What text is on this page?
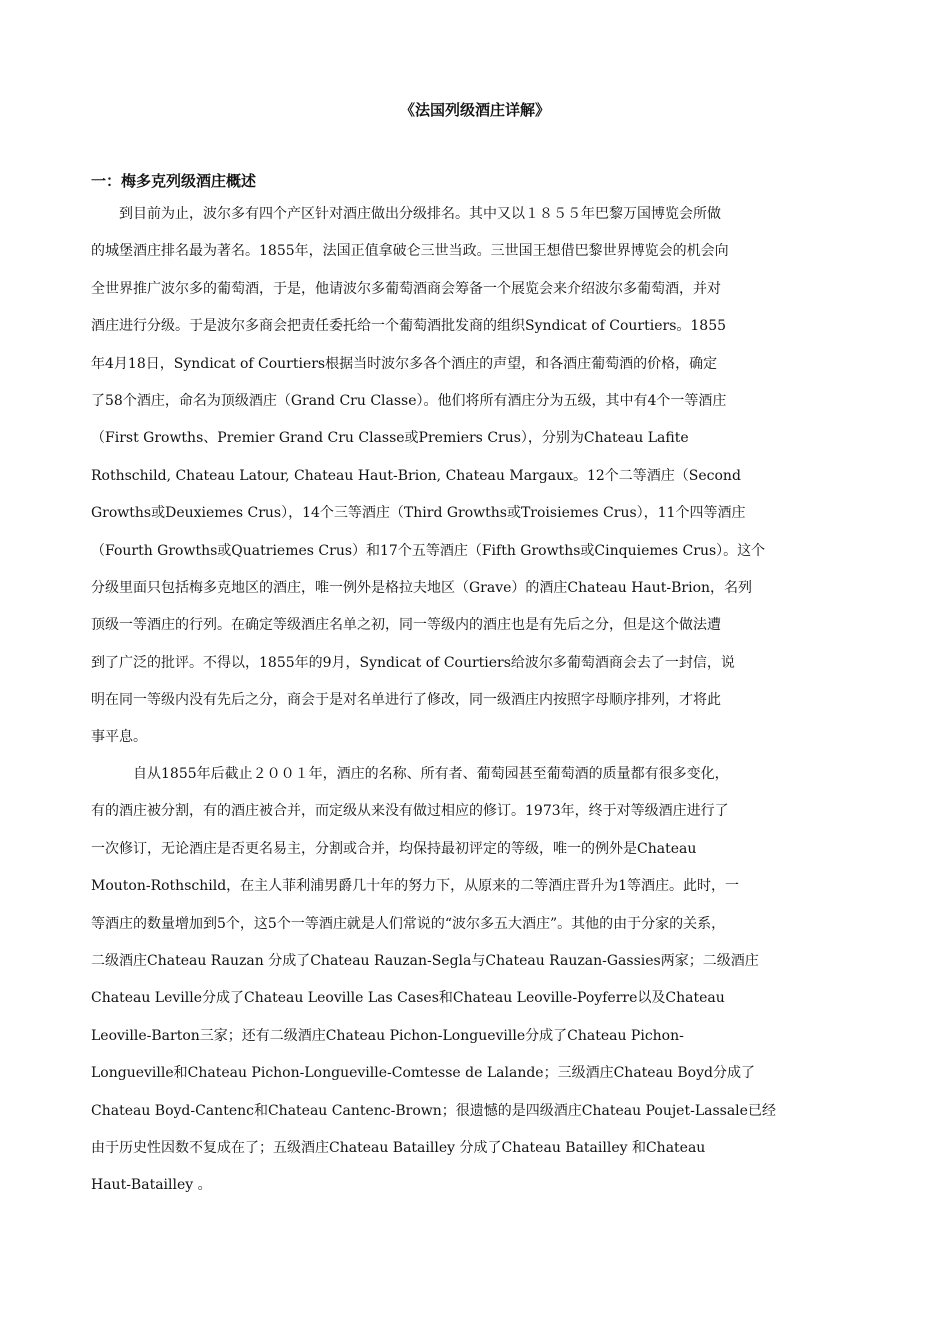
《法国列级酒庄详解》
一：梅多克列级酒庄概述
　　到目前为止，波尔多有四个产区针对酒庄做出分级排名。其中又以１８５５年巴黎万国博览会所做
的城堡酒庄排名最为著名。1855年，法国正值拿破仑三世当政。三世国王想借巴黎世界博览会的机会向
全世界推广波尔多的葡萄酒，于是，他请波尔多葡萄酒商会筹备一个展览会来介绍波尔多葡萄酒，并对
酒庄进行分级。于是波尔多商会把责任委托给一个葡萄酒批发商的组织Syndicat of Courtiers。1855
年4月18日，Syndicat of Courtiers根据当时波尔多各个酒庄的声望，和各酒庄葡萄酒的价格，确定
了58个酒庄，命名为顶级酒庄（Grand Cru Classe）。他们将所有酒庄分为五级，其中有4个一等酒庄
（First Growths、Premier Grand Cru Classe或Premiers Crus），分别为Chateau Lafite
Rothschild, Chateau Latour, Chateau Haut-Brion, Chateau Margaux。12个二等酒庄（Second
Growths或Deuxiemes Crus），14个三等酒庄（Third Growths或Troisiemes Crus），11个四等酒庄
（Fourth Growths或Quatriemes Crus）和17个五等酒庄（Fifth Growths或Cinquiemes Crus）。这个
分级里面只包括梅多克地区的酒庄，唯一例外是格拉夫地区（Grave）的酒庄Chateau Haut-Brion，名列
顶级一等酒庄的行列。在确定等级酒庄名单之初，同一等级内的酒庄也是有先后之分，但是这个做法遭
到了广泛的批评。不得以，1855年的9月，Syndicat of Courtiers给波尔多葡萄酒商会去了一封信，说
明在同一等级内没有先后之分，商会于是对名单进行了修改，同一级酒庄内按照字母顺序排列，才将此
事平息。
　　　自从1855年后截止２００１年，酒庄的名称、所有者、葡萄园甚至葡萄酒的质量都有很多变化，
有的酒庄被分割，有的酒庄被合并，而定级从来没有做过相应的修订。1973年，终于对等级酒庄进行了
一次修订，无论酒庄是否更名易主，分割或合并，均保持最初评定的等级，唯一的例外是Chateau
Mouton-Rothschild，在主人菲利浦男爵几十年的努力下，从原来的二等酒庄晋升为1等酒庄。此时，一
等酒庄的数量增加到5个，这5个一等酒庄就是人们常说的“波尔多五大酒庄”。其他的由于分家的关系，
二级酒庄Chateau Rauzan 分成了Chateau Rauzan-Segla与Chateau Rauzan-Gassies两家；二级酒庄
Chateau Leville分成了Chateau Leoville Las Cases和Chateau Leoville-Poyferre以及Chateau
Leoville-Barton三家；还有二级酒庄Chateau Pichon-Longueville分成了Chateau Pichon-
Longueville和Chateau Pichon-Longueville-Comtesse de Lalande；三级酒庄Chateau Boyd分成了
Chateau Boyd-Cantenc和Chateau Cantenc-Brown；很遗憾的是四级酒庄Chateau Poujet-Lassale已经
由于历史性因数不复成在了；五级酒庄Chateau Batailley 分成了Chateau Batailley 和Chateau
Haut-Batailley 。
